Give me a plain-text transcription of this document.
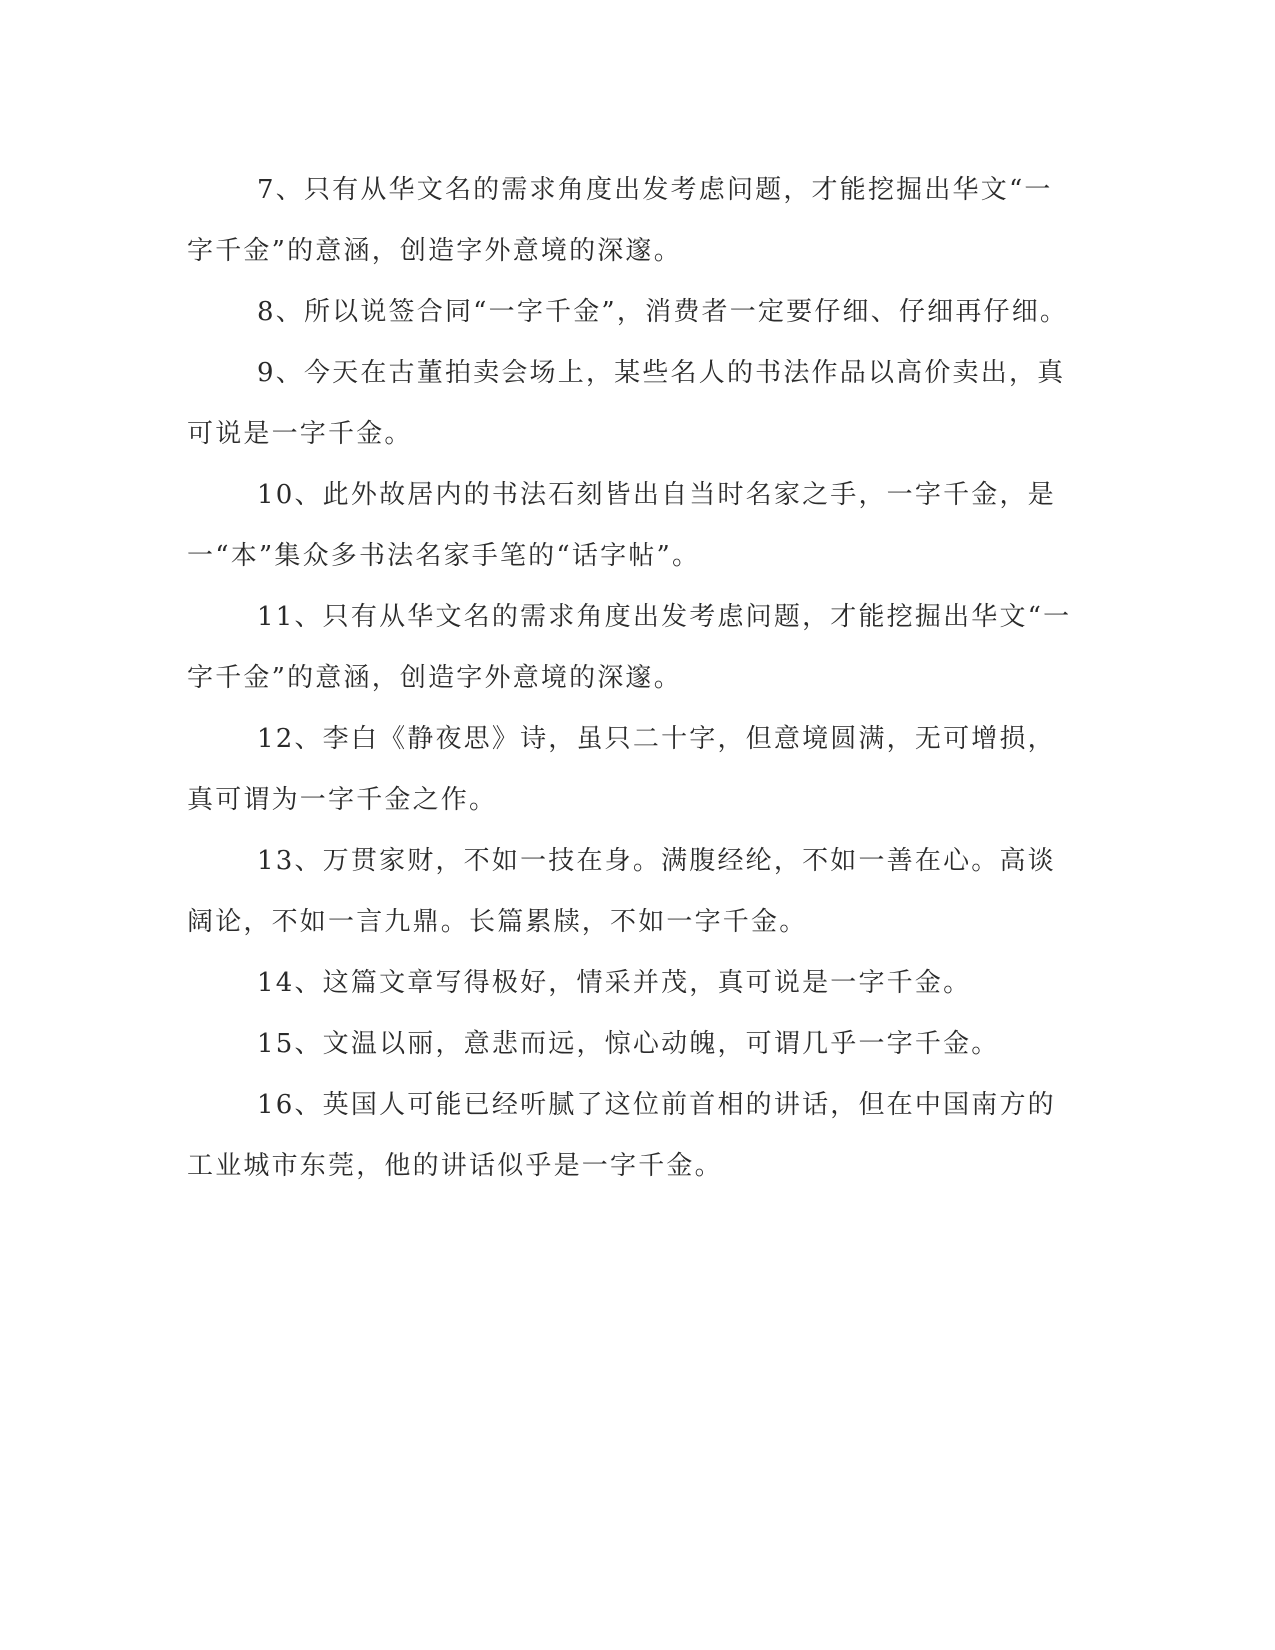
7、只有从华文名的需求角度出发考虑问题，才能挖掘出华文“一字千金”的意涵，创造字外意境的深邃。

8、所以说签合同“一字千金”，消费者一定要仔细、仔细再仔细。

9、今天在古董拍卖会场上，某些名人的书法作品以高价卖出，真可说是一字千金。

10、此外故居内的书法石刻皆出自当时名家之手，一字千金，是一“本”集众多书法名家手笔的“话字帖”。

11、只有从华文名的需求角度出发考虑问题，才能挖掘出华文“一字千金”的意涵，创造字外意境的深邃。

12、李白《静夜思》诗，虽只二十字，但意境圆满，无可增损，真可谓为一字千金之作。

13、万贯家财，不如一技在身。满腹经纶，不如一善在心。高谈阔论，不如一言九鼎。长篇累牍，不如一字千金。

14、这篇文章写得极好，情采并茂，真可说是一字千金。

15、文温以丽，意悲而远，惊心动魄，可谓几乎一字千金。

16、英国人可能已经听腻了这位前首相的讲话，但在中国南方的工业城市东莞，他的讲话似乎是一字千金。
